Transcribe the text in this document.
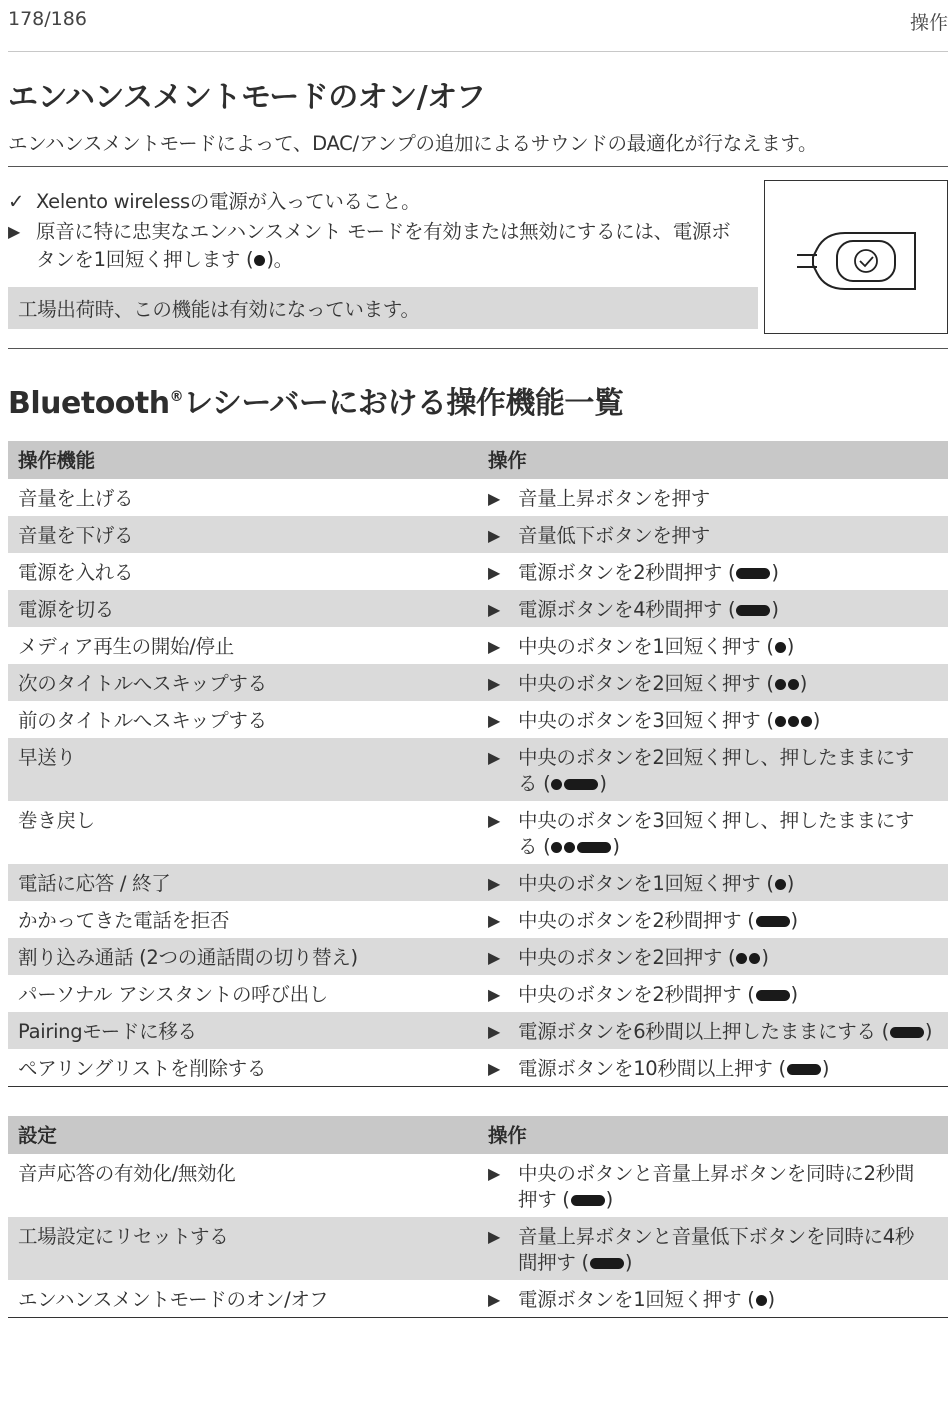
178/186	操作
エンハンスメントモードのオン/オフ
エンハンスメントモードによって、DAC/アンプの追加によるサウンドの最適化が行なえます。
✓ Xelento wirelessの電源が入っていること。
▶ 原音に特に忠実なエンハンスメント モードを有効または無効にするには、電源ボ
タンを1回短く押します ( )。
工場出荷時、この機能は有効になっています。
Bluetooth®レシーバーにおける操作機能一覧
操作機能	操作
音量を上げる	▶ 音量上昇ボタンを押す
音量を下げる	▶ 音量低下ボタンを押す
電源を入れる	▶ 電源ボタンを2秒間押す ( )
電源を切る	▶ 電源ボタンを4秒間押す ( )
メディア再生の開始/停止	▶ 中央のボタンを1回短く押す ( )
次のタイトルへスキップする	▶ 中央のボタンを2回短く押す ( )
前のタイトルへスキップする	▶ 中央のボタンを3回短く押す ( )
早送り	▶ 中央のボタンを2回短く押し、押したままにす
る (	)
巻き戻し	▶ 中央のボタンを3回短く押し、押したままにす
る (	)
電話に応答 / 終了	▶ 中央のボタンを1回短く押す ( )
かかってきた電話を拒否	▶ 中央のボタンを2秒間押す ( )
割り込み通話 (2つの通話間の切り替え)	▶ 中央のボタンを2回押す ( )
パーソナル アシスタントの呼び出し	▶ 中央のボタンを2秒間押す ( )
Pairingモードに移る	▶ 電源ボタンを6秒間以上押したままにする ( )
ペアリングリストを削除する	▶ 電源ボタンを10秒間以上押す ( )
設定	操作
音声応答の有効化/無効化	▶ 中央のボタンと音量上昇ボタンを同時に2秒間
押す ( )
工場設定にリセットする	▶ 音量上昇ボタンと音量低下ボタンを同時に4秒
間押す ( )
エンハンスメントモードのオン/オフ	▶ 電源ボタンを1回短く押す ( )
